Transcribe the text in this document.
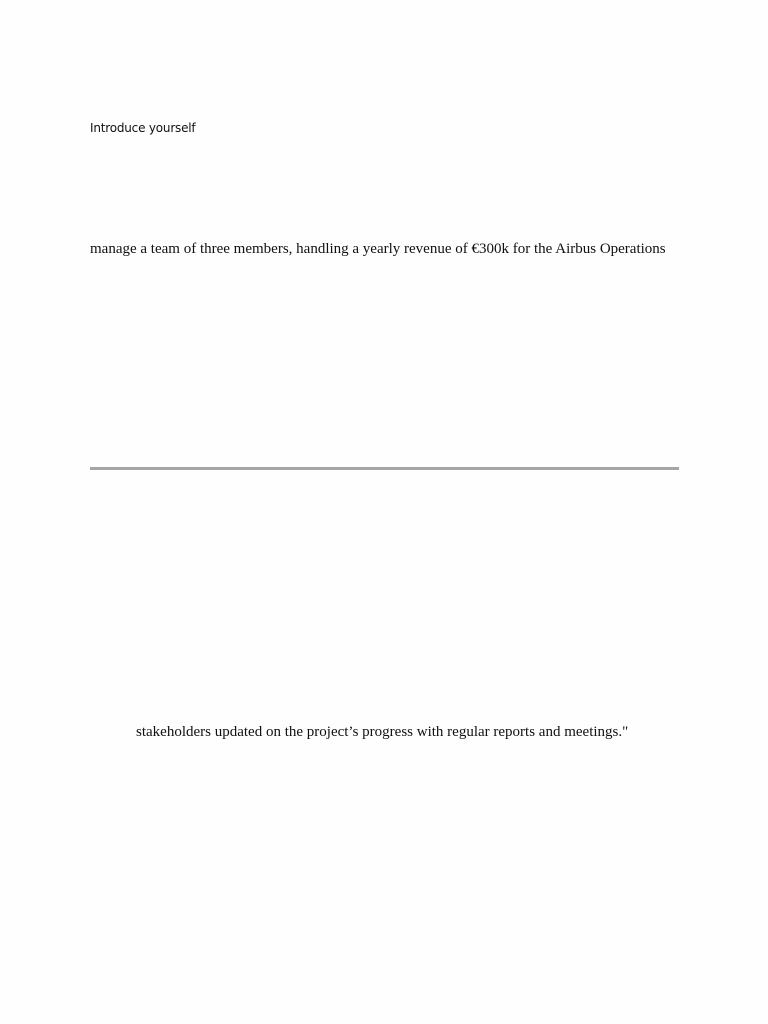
Introduce yourself
manage a team of three members, handling a yearly revenue of €300k for the Airbus Operations
stakeholders updated on the project’s progress with regular reports and meetings."
